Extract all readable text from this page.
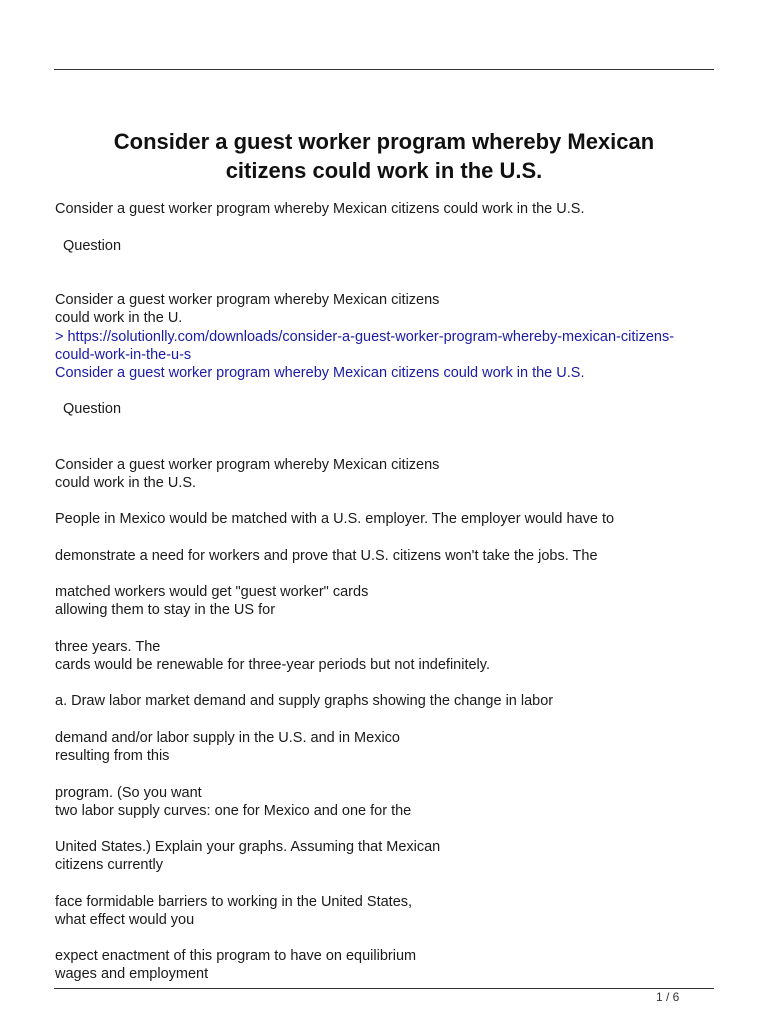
Consider a guest worker program whereby Mexican
citizens could work in the U.S.

Consider a guest worker program whereby Mexican citizens could work in the U.S.

Question

Consider a guest worker program whereby Mexican citizens

could work in the U.

> https://solutionlly.com/downloads/consider-a-guest-worker-program-whereby-mexican-citizens-
could-work-in-the-u-s
Consider a guest worker program whereby Mexican citizens could work in the U.S.

Question

Consider a guest worker program whereby Mexican citizens

could work in the U.S.

People in Mexico would be matched with a U.S. employer. The employer would have to

demonstrate a need for workers and prove that U.S. citizens won't take the jobs. The

matched workers would get "guest worker" cards

allowing them to stay in the US for

three years. The

cards would be renewable for three-year periods but not indefinitely.

a. Draw labor market demand and supply graphs showing the change in labor

demand and/or labor supply in the U.S. and in Mexico

resulting from this

program. (So you want

two labor supply curves: one for Mexico and one for the

United States.) Explain your graphs. Assuming that Mexican

citizens currently

face formidable barriers to working in the United States,

what effect would you

expect enactment of this program to have on equilibrium

wages and employment

1 / 6
